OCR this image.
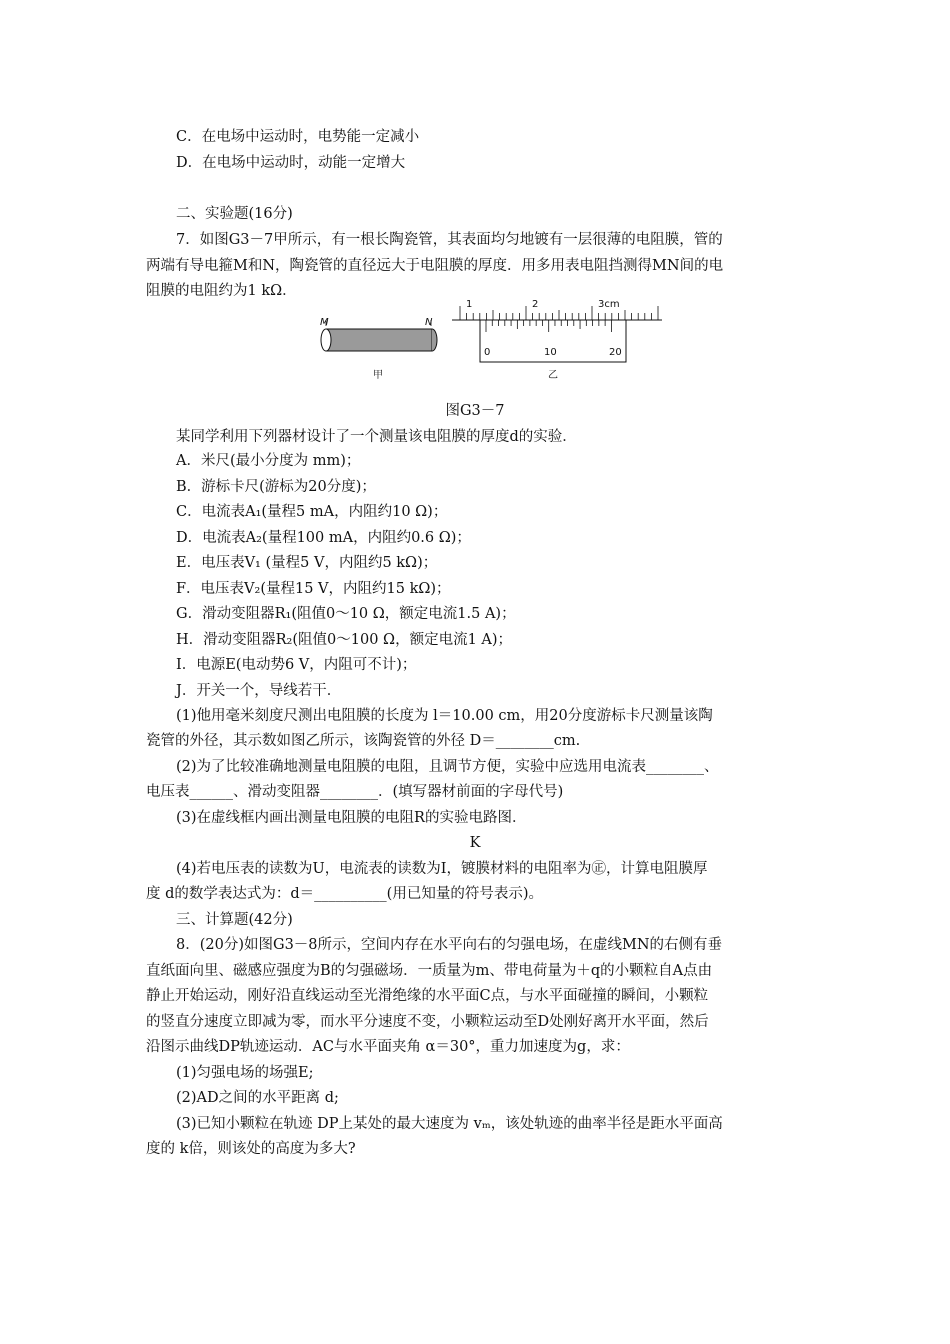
C．在电场中运动时，电势能一定减小
D．在电场中运动时，动能一定增大
二、实验题(16分)
7．如图G3－7甲所示，有一根长陶瓷管，其表面均匀地镀有一层很薄的电阻膜，管的
两端有导电箍M和N，陶瓷管的直径远大于电阻膜的厚度．用多用表电阻挡测得MN间的电
阻膜的电阻约为1 kΩ．
M	N
甲
1	2	3cm
0	10	20
乙
图G3－7
某同学利用下列器材设计了一个测量该电阻膜的厚度d的实验．
A．米尺(最小分度为 mm)；
B．游标卡尺(游标为20分度)；
C．电流表A₁(量程5 mA，内阻约10 Ω)；
D．电流表A₂(量程100 mA，内阻约0.6 Ω)；
E．电压表V₁ (量程5 V，内阻约5 kΩ)；
F．电压表V₂(量程15 V，内阻约15 kΩ)；
G．滑动变阻器R₁(阻值0～10 Ω，额定电流1.5 A)；
H．滑动变阻器R₂(阻值0～100 Ω，额定电流1 A)；
I．电源E(电动势6 V，内阻可不计)；
J．开关一个，导线若干．
(1)他用毫米刻度尺测出电阻膜的长度为 l＝10.00 cm，用20分度游标卡尺测量该陶
瓷管的外径，其示数如图乙所示，该陶瓷管的外径 D＝________cm.
(2)为了比较准确地测量电阻膜的电阻，且调节方便，实验中应选用电流表________、
电压表______、滑动变阻器________．(填写器材前面的字母代号)
(3)在虚线框内画出测量电阻膜的电阻R的实验电路图．
K
(4)若电压表的读数为U，电流表的读数为I，镀膜材料的电阻率为㊣，计算电阻膜厚
度 d的数学表达式为：d＝__________(用已知量的符号表示)。
三、计算题(42分)
8．(20分)如图G3－8所示，空间内存在水平向右的匀强电场，在虚线MN的右侧有垂
直纸面向里、磁感应强度为B的匀强磁场．一质量为m、带电荷量为＋q的小颗粒自A点由
静止开始运动，刚好沿直线运动至光滑绝缘的水平面C点，与水平面碰撞的瞬间，小颗粒
的竖直分速度立即减为零，而水平分速度不变，小颗粒运动至D处刚好离开水平面，然后
沿图示曲线DP轨迹运动．AC与水平面夹角 α＝30°，重力加速度为g，求：
(1)匀强电场的场强E;
(2)AD之间的水平距离 d;
(3)已知小颗粒在轨迹 DP上某处的最大速度为 vₘ，该处轨迹的曲率半径是距水平面高
度的 k倍，则该处的高度为多大?
